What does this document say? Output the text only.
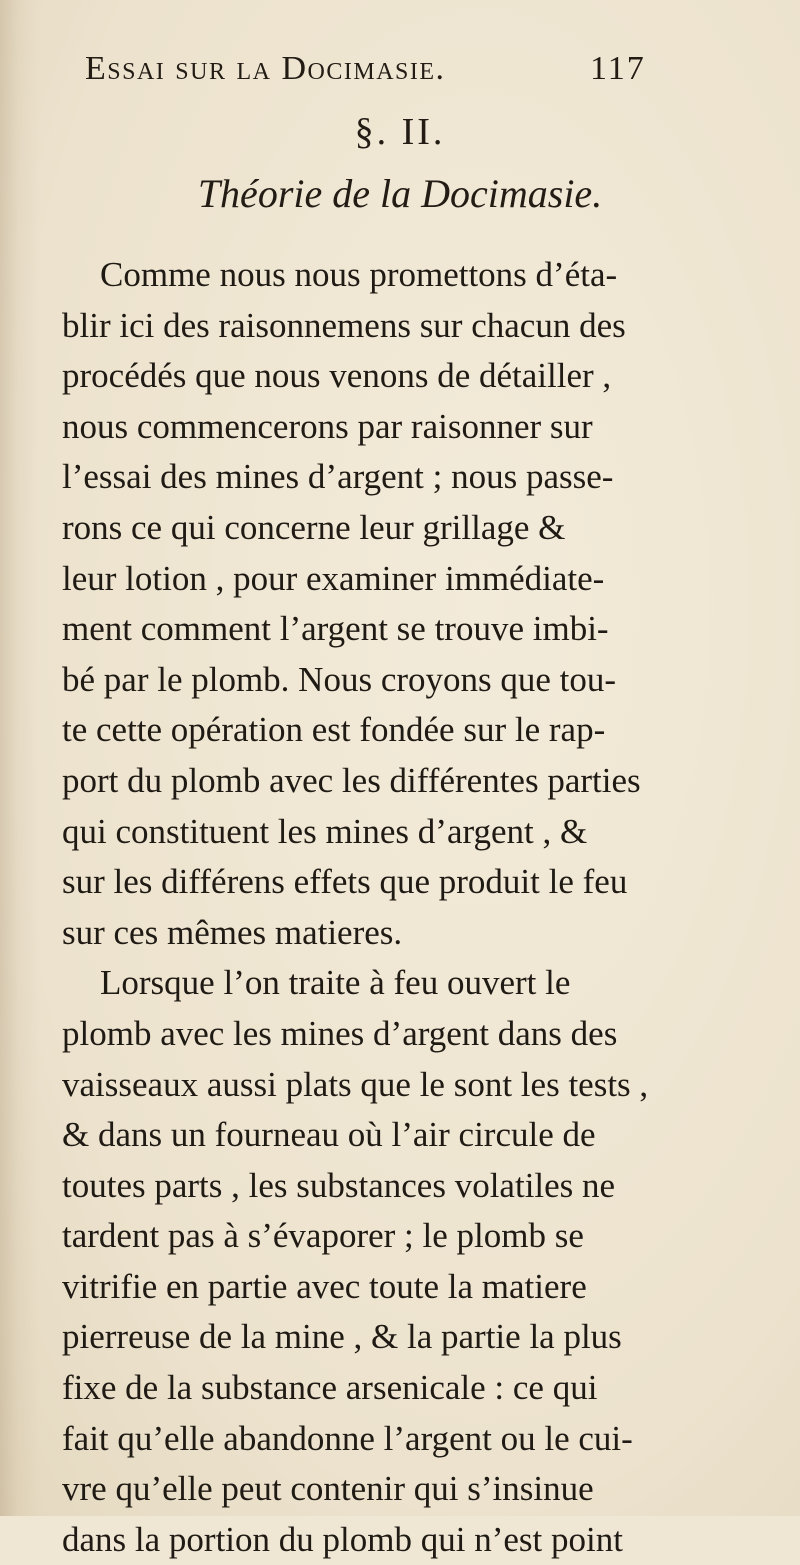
Essai sur la Docimasie.	117
§. II.
Théorie de la Docimasie.
Comme nous nous promettons d’éta-
blir ici des raisonnemens sur chacun des
procédés que nous venons de détailler ,
nous commencerons par raisonner sur
l’essai des mines d’argent ; nous passe-
rons ce qui concerne leur grillage &
leur lotion , pour examiner immédiate-
ment comment l’argent se trouve imbi-
bé par le plomb. Nous croyons que tou-
te cette opération est fondée sur le rap-
port du plomb avec les différentes parties
qui constituent les mines d’argent , &
sur les différens effets que produit le feu
sur ces mêmes matieres.
Lorsque l’on traite à feu ouvert le
plomb avec les mines d’argent dans des
vaisseaux aussi plats que le sont les tests ,
& dans un fourneau où l’air circule de
toutes parts , les substances volatiles ne
tardent pas à s’évaporer ; le plomb se
vitrifie en partie avec toute la matiere
pierreuse de la mine , & la partie la plus
fixe de la substance arsenicale : ce qui
fait qu’elle abandonne l’argent ou le cui-
vre qu’elle peut contenir qui s’insinue
dans la portion du plomb qui n’est point
